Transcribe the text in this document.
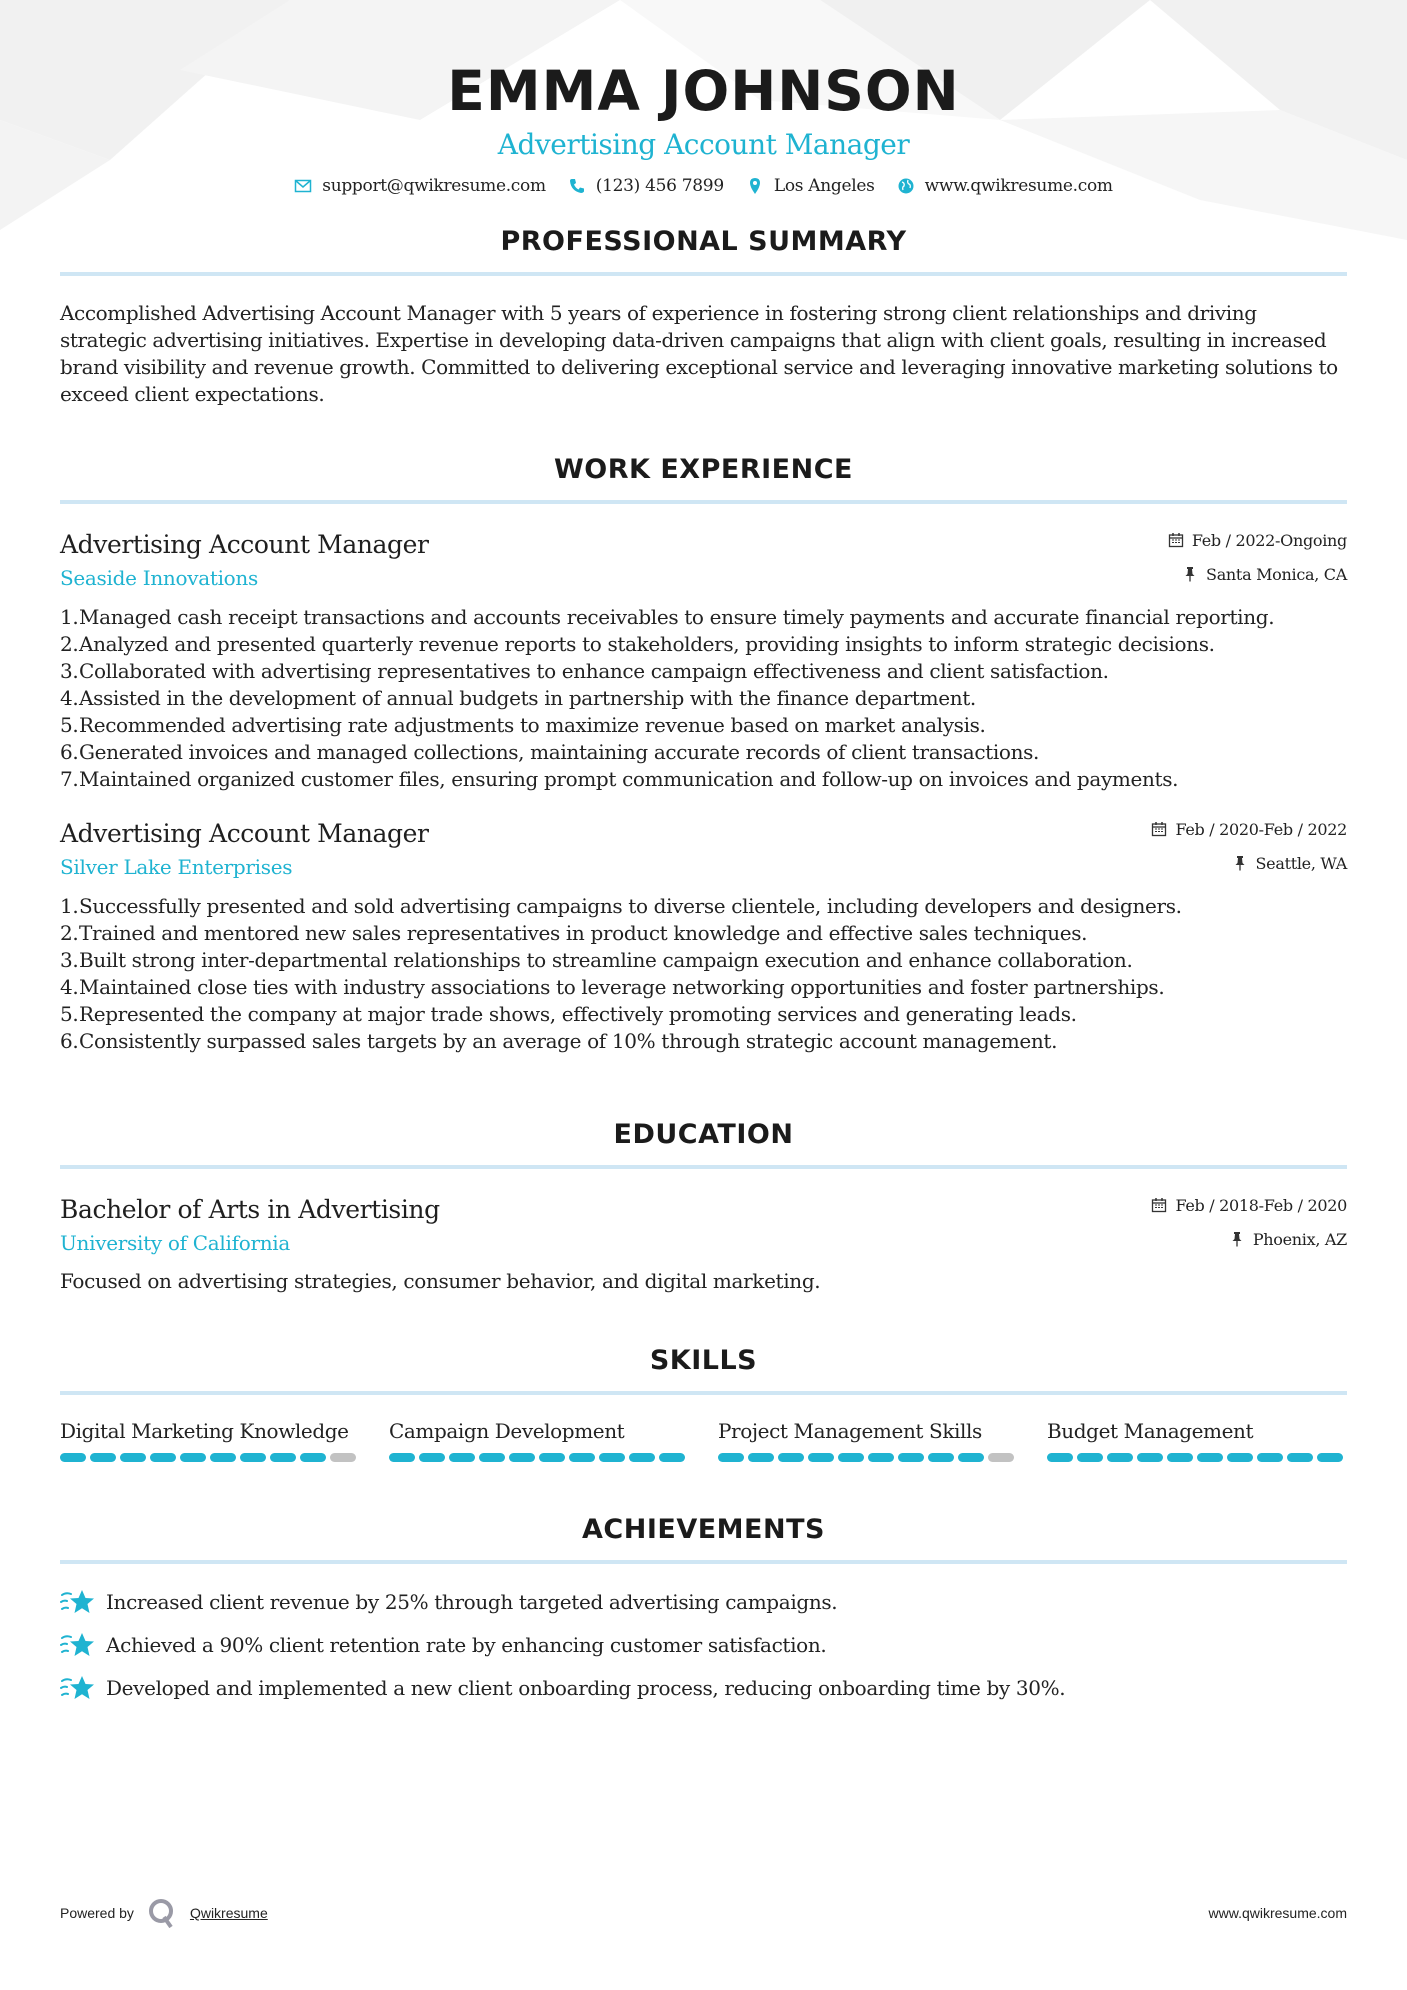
EMMA JOHNSON
Advertising Account Manager
support@qwikresume.com	(123) 456 7899	Los Angeles	www.qwikresume.com
PROFESSIONAL SUMMARY

Accomplished Advertising Account Manager with 5 years of experience in fostering strong client relationships and driving strategic advertising initiatives. Expertise in developing data-driven campaigns that align with client goals, resulting in increased brand visibility and revenue growth. Committed to delivering exceptional service and leveraging innovative marketing solutions to exceed client expectations.

WORK EXPERIENCE
Advertising Account Manager
Seaside Innovations
Feb / 2022-Ongoing
Santa Monica, CA
1. Managed cash receipt transactions and accounts receivables to ensure timely payments and accurate financial reporting.
2. Analyzed and presented quarterly revenue reports to stakeholders, providing insights to inform strategic decisions.
3. Collaborated with advertising representatives to enhance campaign effectiveness and client satisfaction.
4. Assisted in the development of annual budgets in partnership with the finance department.
5. Recommended advertising rate adjustments to maximize revenue based on market analysis.
6. Generated invoices and managed collections, maintaining accurate records of client transactions.
7. Maintained organized customer files, ensuring prompt communication and follow-up on invoices and payments.
Advertising Account Manager
Silver Lake Enterprises
Feb / 2020-Feb / 2022
Seattle, WA
1. Successfully presented and sold advertising campaigns to diverse clientele, including developers and designers.
2. Trained and mentored new sales representatives in product knowledge and effective sales techniques.
3. Built strong inter-departmental relationships to streamline campaign execution and enhance collaboration.
4. Maintained close ties with industry associations to leverage networking opportunities and foster partnerships.
5. Represented the company at major trade shows, effectively promoting services and generating leads.
6. Consistently surpassed sales targets by an average of 10% through strategic account management.
EDUCATION
Bachelor of Arts in Advertising
University of California
Feb / 2018-Feb / 2020
Phoenix, AZ

Focused on advertising strategies, consumer behavior, and digital marketing.

SKILLS
Digital Marketing Knowledge	Campaign Development	Project Management Skills	Budget Management
ACHIEVEMENTS
Increased client revenue by 25% through targeted advertising campaigns.
Achieved a 90% client retention rate by enhancing customer satisfaction.
Developed and implemented a new client onboarding process, reducing onboarding time by 30%.
Powered by	Qwikresume	www.qwikresume.com
